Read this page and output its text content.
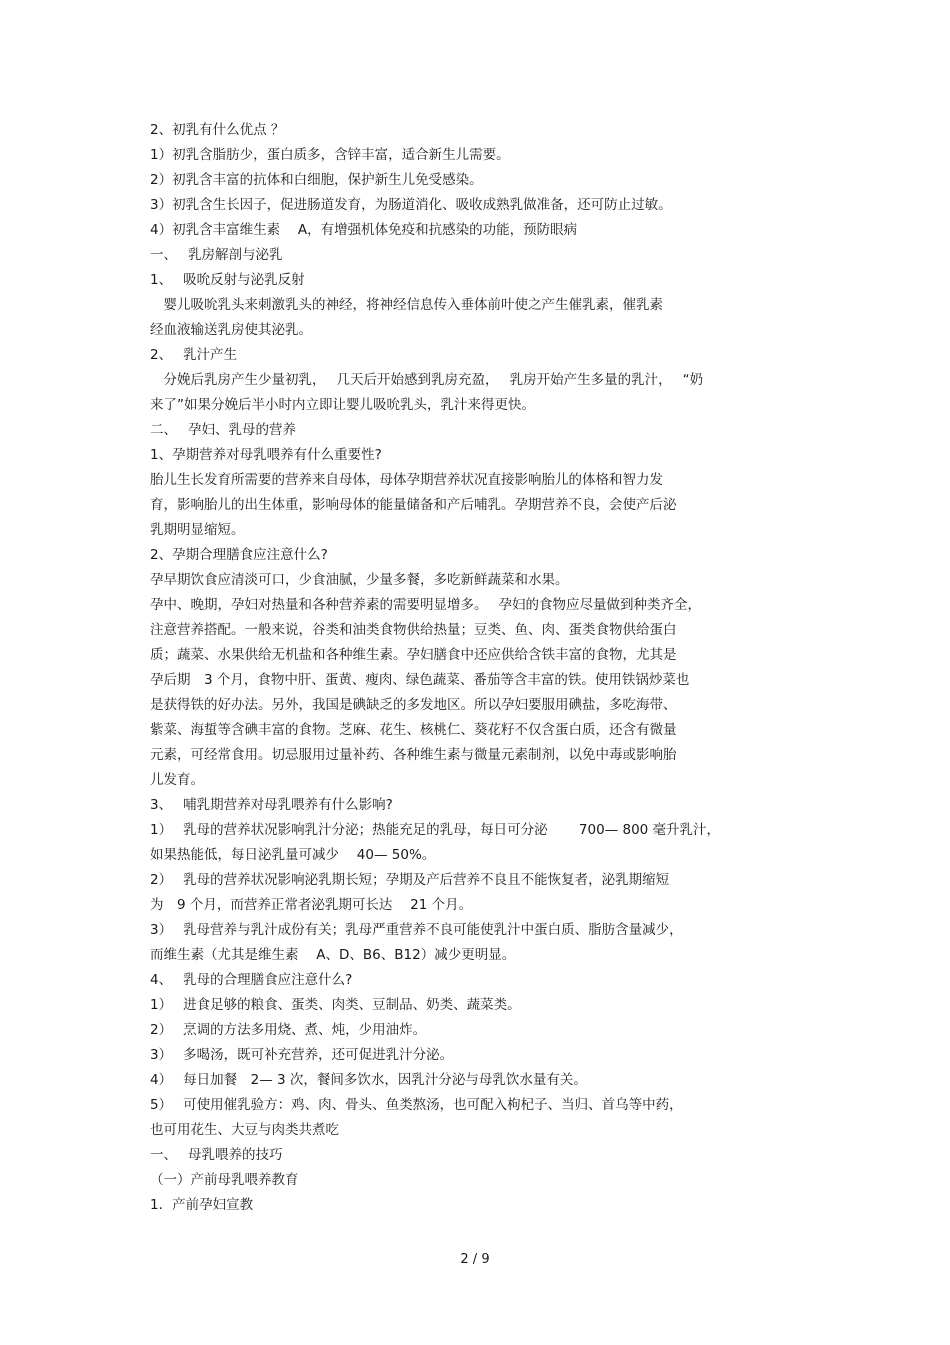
2、初乳有什么优点 ？
1）初乳含脂肪少，蛋白质多，含锌丰富，适合新生儿需要。
2）初乳含丰富的抗体和白细胞，保护新生儿免受感染。
3）初乳含生长因子，促进肠道发育，为肠道消化、吸收成熟乳做准备，还可防止过敏。
4）初乳含丰富维生素　 A，有增强机体免疫和抗感染的功能，预防眼病
一、　 乳房解剖与泌乳
1、　 吸吮反射与泌乳反射
　婴儿吸吮乳头来刺激乳头的神经，将神经信息传入垂体前叶使之产生催乳素，催乳素
经血液输送乳房使其泌乳。
2、　 乳汁产生
　分娩后乳房产生少量初乳，　 几天后开始感到乳房充盈，　 乳房开始产生多量的乳汁，　 “奶
来了”如果分娩后半小时内立即让婴儿吸吮乳头，乳汁来得更快。
二、　 孕妇、乳母的营养
1、孕期营养对母乳喂养有什么重要性?
胎儿生长发育所需要的营养来自母体，母体孕期营养状况直接影响胎儿的体格和智力发
育，影响胎儿的出生体重，影响母体的能量储备和产后哺乳。孕期营养不良，会使产后泌
乳期明显缩短。
2、孕期合理膳食应注意什么?
孕早期饮食应清淡可口，少食油腻，少量多餐，多吃新鲜蔬菜和水果。
孕中、晚期，孕妇对热量和各种营养素的需要明显增多。　 孕妇的食物应尽量做到种类齐全，
注意营养搭配。一般来说，谷类和油类食物供给热量；豆类、鱼、肉、蛋类食物供给蛋白
质；蔬菜、水果供给无机盐和各种维生素。孕妇膳食中还应供给含铁丰富的食物，尤其是
孕后期　3 个月，食物中肝、蛋黄、瘦肉、绿色蔬菜、番茄等含丰富的铁。使用铁锅炒菜也
是获得铁的好办法。另外，我国是碘缺乏的多发地区。所以孕妇要服用碘盐，多吃海带、
紫菜、海蜇等含碘丰富的食物。芝麻、花生、核桃仁、葵花籽不仅含蛋白质，还含有微量
元素，可经常食用。切忌服用过量补药、各种维生素与微量元素制剂，以免中毒或影响胎
儿发育。
3、　 哺乳期营养对母乳喂养有什么影响?
1）　 乳母的营养状况影响乳汁分泌；热能充足的乳母，每日可分泌　　 700— 800 毫升乳汁，
如果热能低，每日泌乳量可减少　 40— 50%。
2）　 乳母的营养状况影响泌乳期长短；孕期及产后营养不良且不能恢复者，泌乳期缩短
为　9 个月，而营养正常者泌乳期可长达　 21 个月。
3）　 乳母营养与乳汁成份有关；乳母严重营养不良可能使乳汁中蛋白质、脂肪含量减少，
而维生素（尤其是维生素　 A、D、B6、B12）减少更明显。
4、　 乳母的合理膳食应注意什么?
1）　 进食足够的粮食、蛋类、肉类、豆制品、奶类、蔬菜类。
2）　 烹调的方法多用烧、煮、炖，少用油炸。
3）　 多喝汤，既可补充营养，还可促进乳汁分泌。
4）　 每日加餐　2— 3 次，餐间多饮水，因乳汁分泌与母乳饮水量有关。
5）　 可使用催乳验方：鸡、肉、骨头、鱼类熬汤，也可配入枸杞子、当归、首乌等中药，
也可用花生、大豆与肉类共煮吃
一、　 母乳喂养的技巧
（一）产前母乳喂养教育
1．产前孕妇宣教
2 / 9
